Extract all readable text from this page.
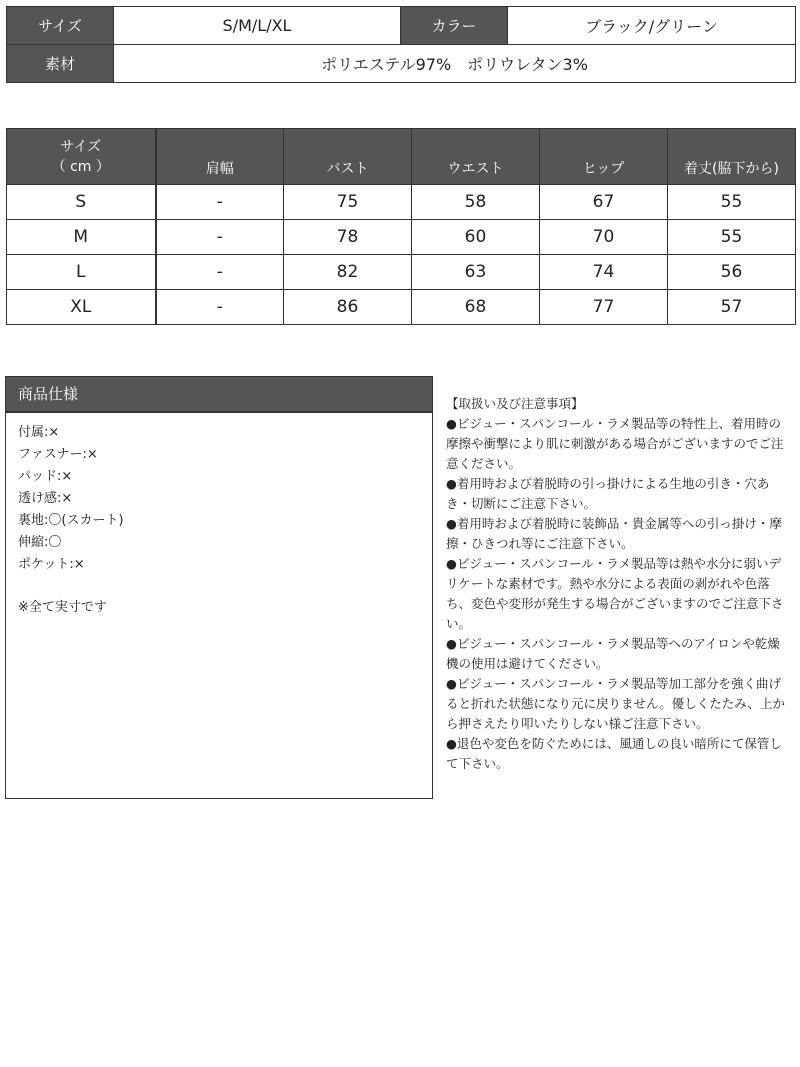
サイズ	S/M/L/XL	カラー	ブラック/グリーン
素材	ポリエステル97%　ポリウレタン3%		
サイズ
（ cm ）	肩幅	バスト	ウエスト	ヒップ	着丈(脇下から)
S	-	75	58	67	55
M	-	78	60	70	55
L	-	82	63	74	56
XL	-	86	68	77	57
商品仕様
付属:×
ファスナー:×
パッド:×
透け感:×
裏地:〇(スカート)
伸縮:〇
ポケット:×
※全て実寸です

【取扱い及び注意事項】

●ビジュー・スパンコール・ラメ製品等の特性上、着用時の摩擦や衝撃により肌に刺激がある場合がございますのでご注意ください。

●着用時および着脱時の引っ掛けによる生地の引き・穴あき・切断にご注意下さい。

●着用時および着脱時に装飾品・貴金属等への引っ掛け・摩擦・ひきつれ等にご注意下さい。

●ビジュー・スパンコール・ラメ製品等は熱や水分に弱いデリケートな素材です。熱や水分による表面の剥がれや色落ち、変色や変形が発生する場合がございますのでご注意下さい。

●ビジュー・スパンコール・ラメ製品等へのアイロンや乾燥機の使用は避けてください。

●ビジュー・スパンコール・ラメ製品等加工部分を強く曲げると折れた状態になり元に戻りません。優しくたたみ、上から押さえたり叩いたりしない様ご注意下さい。

●退色や変色を防ぐためには、風通しの良い暗所にて保管して下さい。
